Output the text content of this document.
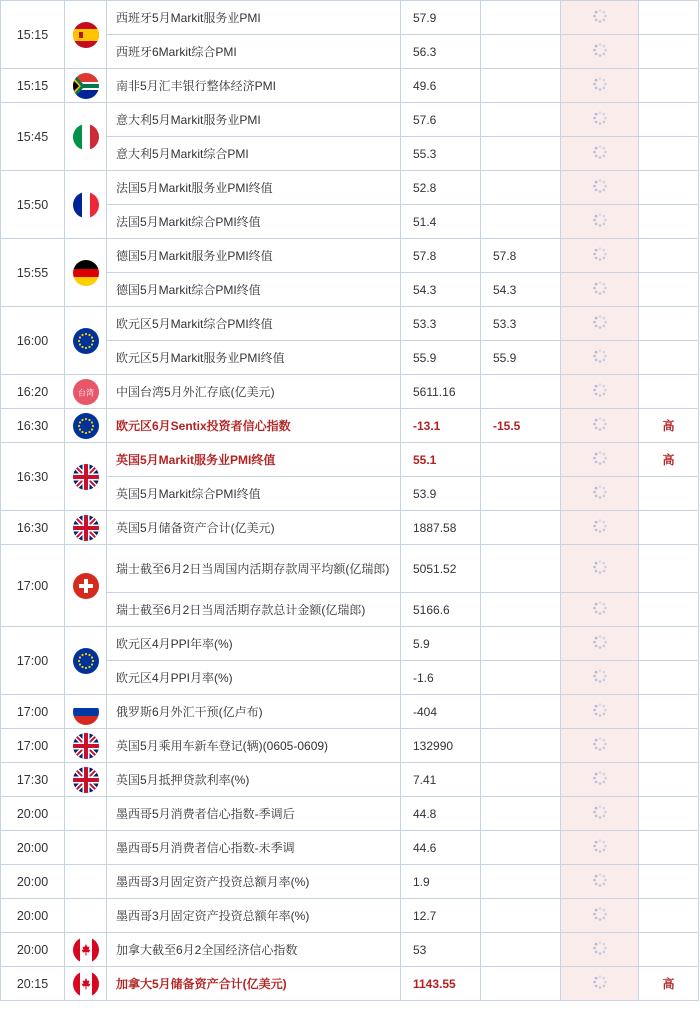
15:15		西班牙5月Markit服务业PMI	57.9			
		西班牙6Markit综合PMI	56.3			
15:15		南非5月汇丰银行整体经济PMI	49.6			
15:45		意大利5月Markit服务业PMI	57.6			
		意大利5月Markit综合PMI	55.3			
15:50		法国5月Markit服务业PMI终值	52.8			
		法国5月Markit综合PMI终值	51.4			
15:55		德国5月Markit服务业PMI终值	57.8	57.8		
		德国5月Markit综合PMI终值	54.3	54.3		
16:00		欧元区5月Markit综合PMI终值	53.3	53.3		
		欧元区5月Markit服务业PMI终值	55.9	55.9		
16:20	台湾	中国台湾5月外汇存底(亿美元)	5611.16			
16:30		欧元区6月Sentix投资者信心指数	-13.1	-15.5		高
16:30		英国5月Markit服务业PMI终值	55.1			高
		英国5月Markit综合PMI终值	53.9			
16:30		英国5月储备资产合计(亿美元)	1887.58			
17:00		瑞士截至6月2日当周国内活期存款周平均额(亿瑞郎)	5051.52			
		瑞士截至6月2日当周活期存款总计金额(亿瑞郎)	5166.6			
17:00		欧元区4月PPI年率(%)	5.9			
		欧元区4月PPI月率(%)	-1.6			
17:00		俄罗斯6月外汇干预(亿卢布)	-404			
17:00		英国5月乘用车新车登记(辆)(0605-0609)	132990			
17:30		英国5月抵押贷款利率(%)	7.41			
20:00		墨西哥5月消费者信心指数-季调后	44.8			
20:00		墨西哥5月消费者信心指数-未季调	44.6			
20:00		墨西哥3月固定资产投资总额月率(%)	1.9			
20:00		墨西哥3月固定资产投资总额年率(%)	12.7			
20:00		加拿大截至6月2全国经济信心指数	53			
20:15		加拿大5月储备资产合计(亿美元)	1143.55			高
